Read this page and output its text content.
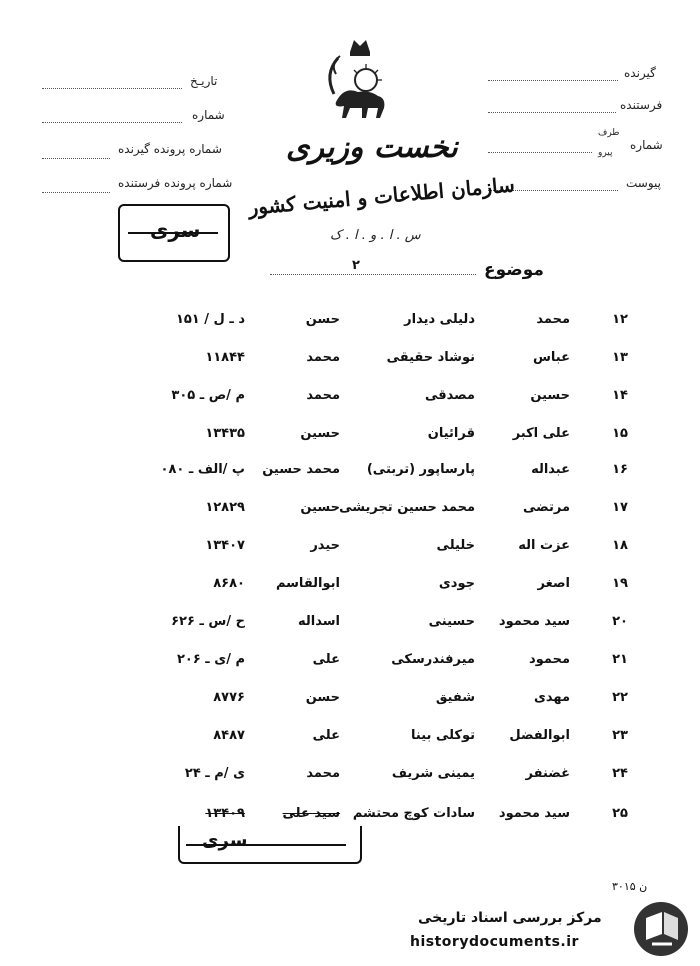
تاریـخ
شماره
شماره پرونده گیرنده
شماره پرونده فرستنده
گیرنده
فرستنده
شماره
طرف
پیرو
پیوست
نخست وزیری
سازمان اطلاعات و امنیت کشور
سری	س . ا . و . ا . ک
موضوع
۲
۱۲
محمد
دلیلی دیدار
حسن
د ـ ل / ۱۵۱
۱۳
عباس
نوشاد حقیقی
محمد
۱۱۸۴۴
۱۴
حسین
مصدقی
محمد
م /ص ـ ۳۰۵
۱۵
علی اکبر
قرائیان
حسین
۱۳۴۳۵
۱۶
عبداله
پارساپور (تربتی)
محمد حسین
پ /الف ـ ۰۸۰
۱۷
مرتضی
محمد حسین تجریشی
حسین
۱۲۸۲۹
۱۸
عزت اله
خلیلی
حیدر
۱۳۴۰۷
۱۹
اصغر
جودی
ابوالقاسم
۸۶۸۰
۲۰
سید محمود
حسینی
اسداله
ح /س ـ ۶۲۶
۲۱
محمود
میرفندرسکی
علی
م /ی ـ ۲۰۶
۲۲
مهدی
شفیق
حسن
۸۷۷۶
۲۳
ابوالفضل
توکلی بینا
علی
۸۴۸۷
۲۴
غضنفر
یمینی شریف
محمد
ی /م ـ ۲۴
۲۵
سید محمود
سادات کوچ محتشم
سید علی
۱۳۴۰۹
سری
۳۰۱۵ ن
مرکز بررسی اسناد تاریخی
historydocuments.ir
